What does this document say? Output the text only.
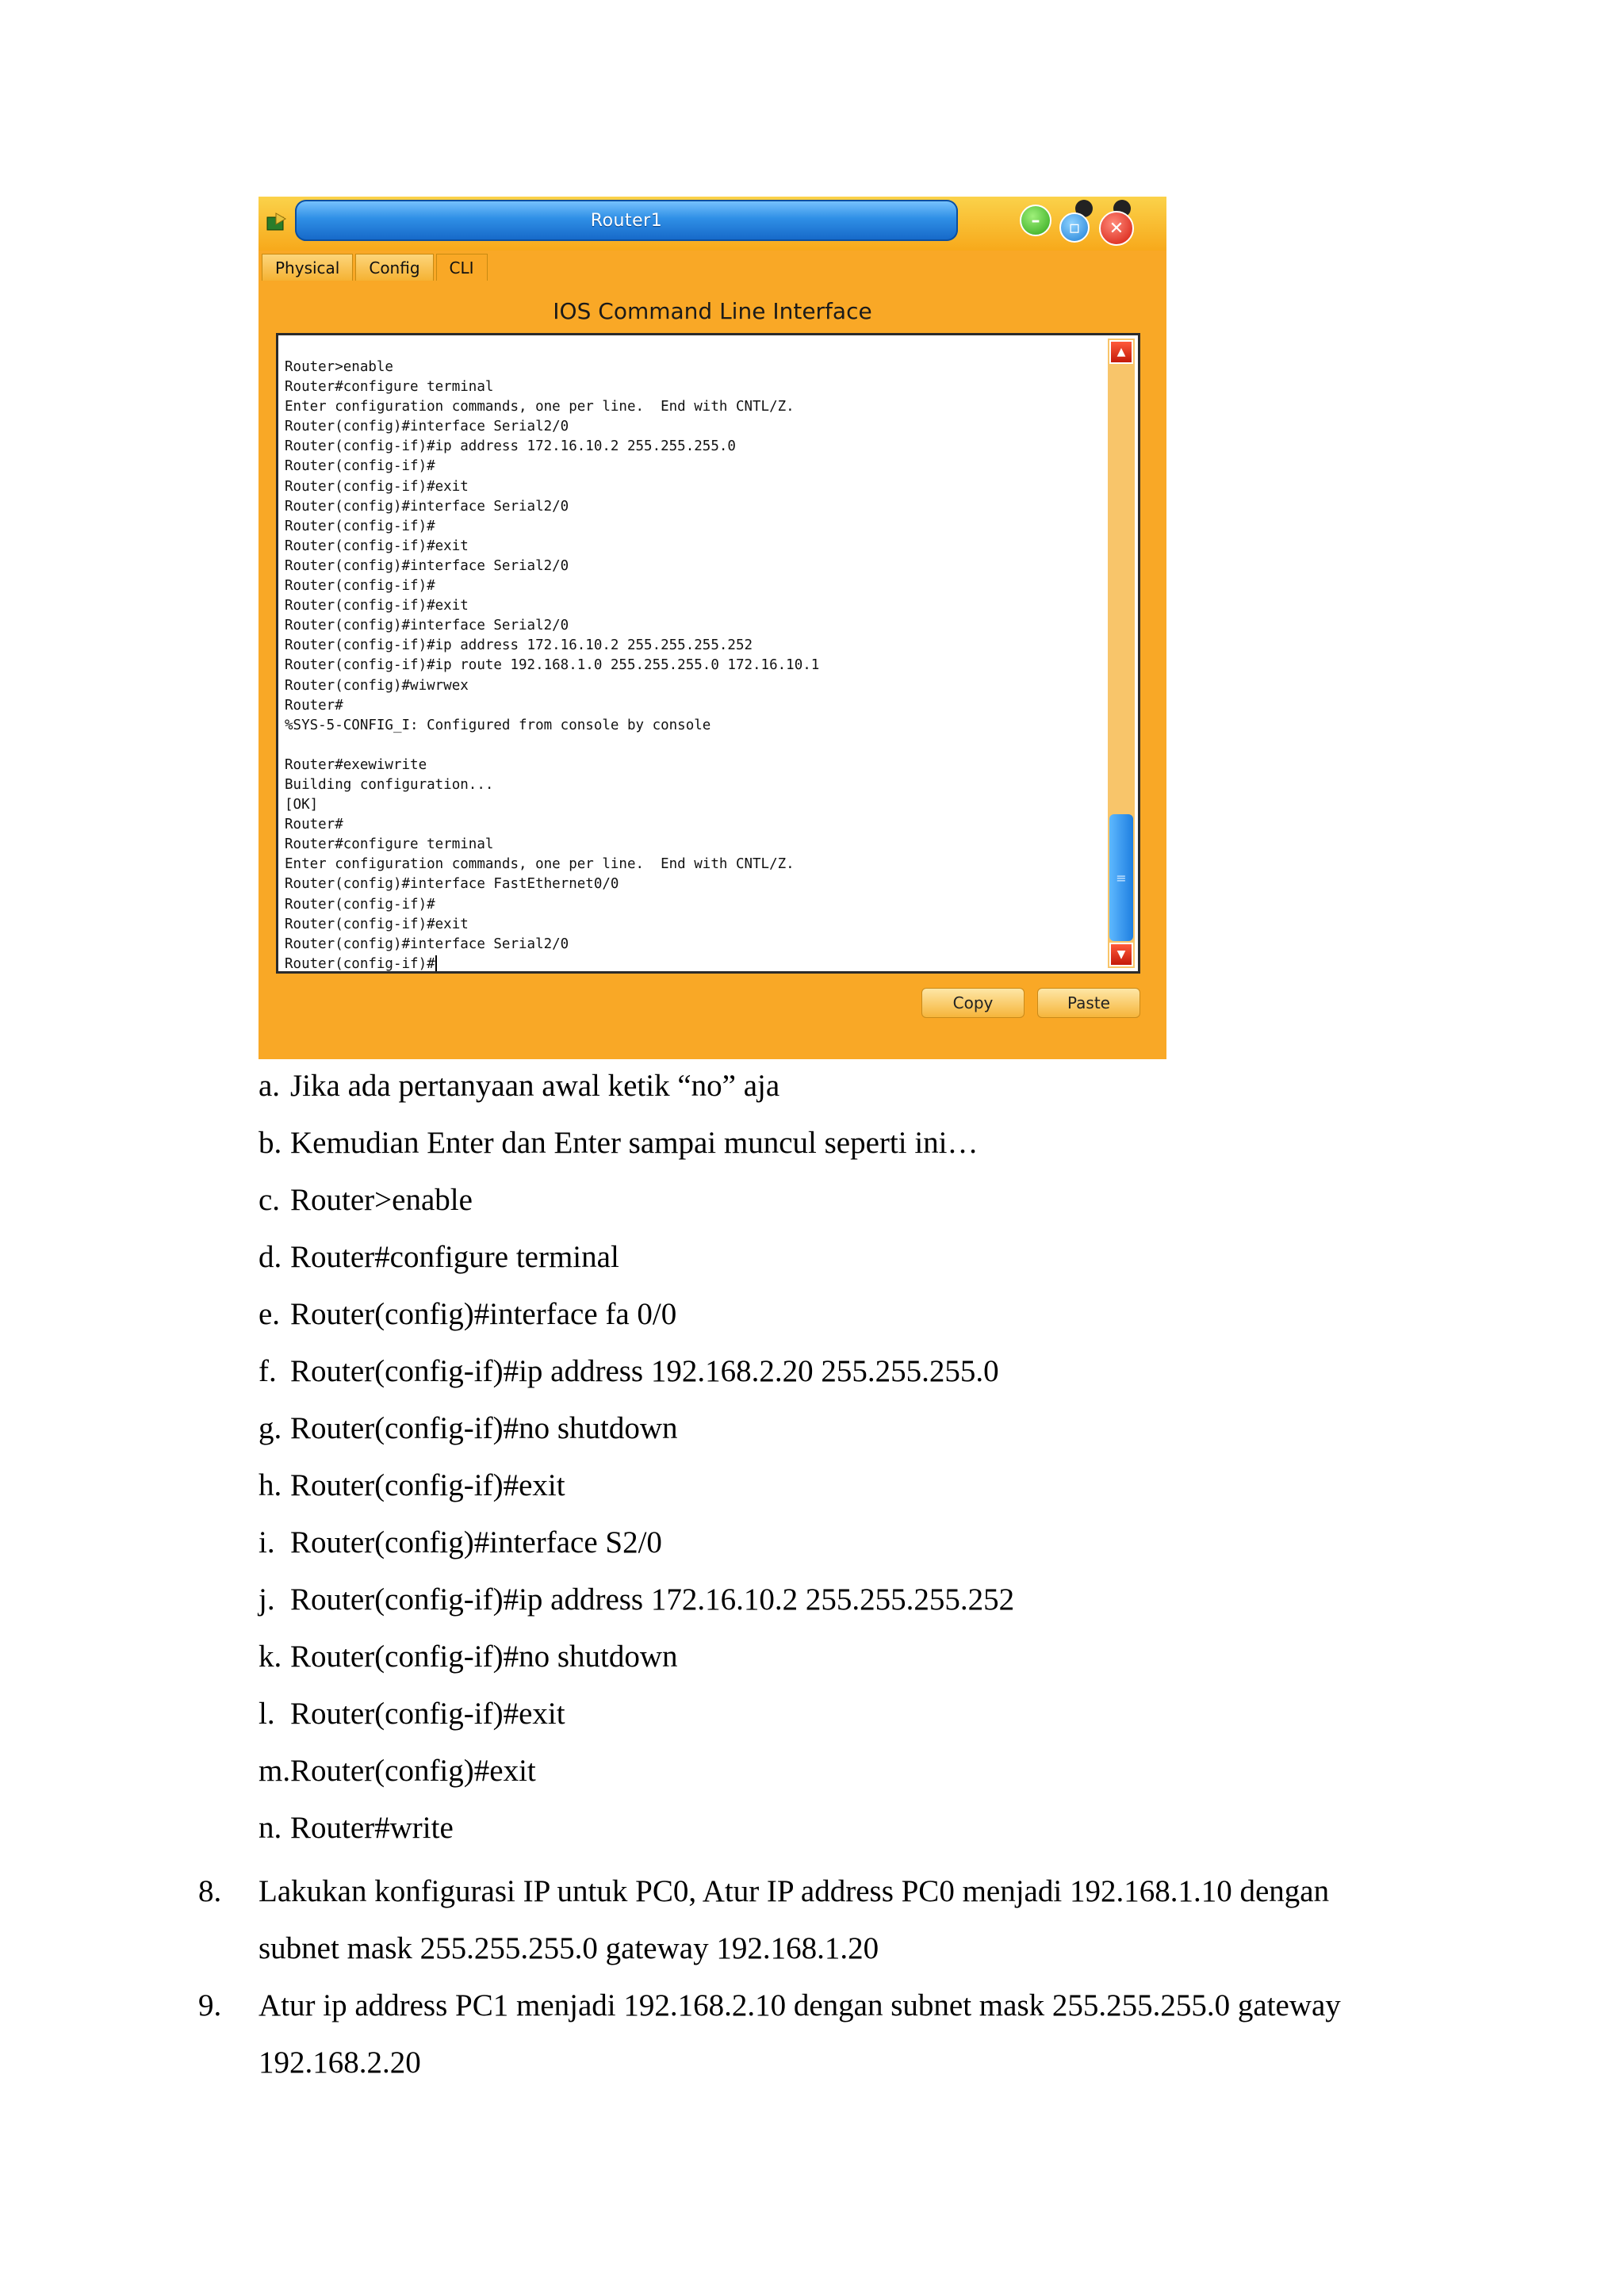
Router1	–	▫	✕
Physical	Config	CLI
IOS Command Line Interface
Router>enable
Router#configure terminal
Enter configuration commands, one per line.  End with CNTL/Z.
Router(config)#interface Serial2/0
Router(config-if)#ip address 172.16.10.2 255.255.255.0
Router(config-if)#
Router(config-if)#exit
Router(config)#interface Serial2/0
Router(config-if)#
Router(config-if)#exit
Router(config)#interface Serial2/0
Router(config-if)#
Router(config-if)#exit
Router(config)#interface Serial2/0
Router(config-if)#ip address 172.16.10.2 255.255.255.252
Router(config-if)#ip route 192.168.1.0 255.255.255.0 172.16.10.1
Router(config)#wiwrwex
Router#
%SYS-5-CONFIG_I: Configured from console by console
Router#exewiwrite
Building configuration...
[OK]
Router#
Router#configure terminal
Enter configuration commands, one per line.  End with CNTL/Z.
Router(config)#interface FastEthernet0/0
Router(config-if)#
Router(config-if)#exit
Router(config)#interface Serial2/0
Router(config-if)#
▲
≡
▼
Copy	Paste
a. Jika ada pertanyaan awal ketik “no” aja
b. Kemudian Enter dan Enter sampai muncul seperti ini…
c. Router>enable
d. Router#configure terminal
e. Router(config)#interface fa 0/0
f. Router(config-if)#ip address 192.168.2.20 255.255.255.0
g. Router(config-if)#no shutdown
h. Router(config-if)#exit
i. Router(config)#interface S2/0
j. Router(config-if)#ip address 172.16.10.2 255.255.255.252
k. Router(config-if)#no shutdown
l. Router(config-if)#exit
m.Router(config)#exit
n. Router#write
8. Lakukan konfigurasi IP untuk PC0, Atur IP address PC0 menjadi 192.168.1.10 dengan
subnet mask 255.255.255.0 gateway 192.168.1.20
9. Atur ip address PC1 menjadi 192.168.2.10 dengan subnet mask 255.255.255.0 gateway
192.168.2.20
